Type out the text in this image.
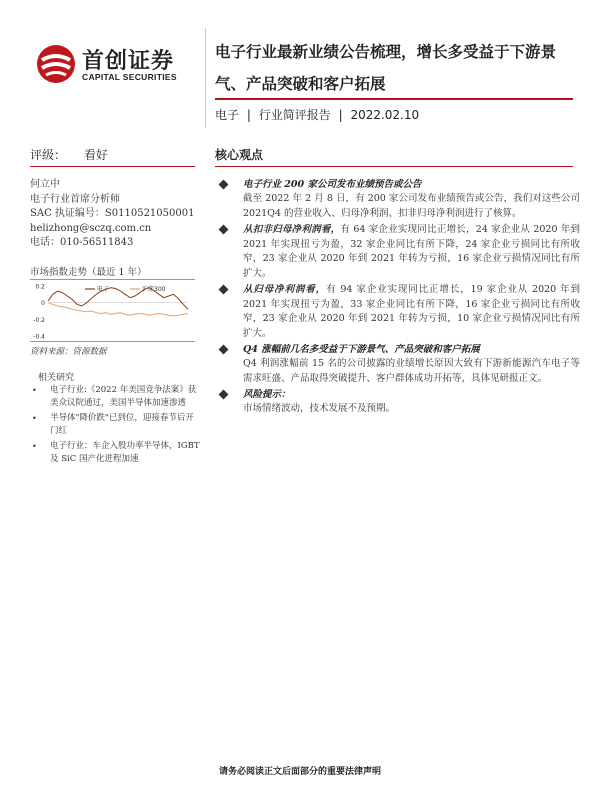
首创证券
CAPITAL SECURITIES
电子行业最新业绩公告梳理，增长多受益于下游景气、产品突破和客户拓展
电子 | 行业简评报告 | 2022.02.10
评级： 看好
何立中
电子行业首席分析师
SAC 执证编号：S0110521050001
helizhong@sczq.com.cn
电话：010-56511843
市场指数走势（最近 1 年）
0.2
0
-0.2
-0.4
电子	沪深300
资料来源：资源数据
相关研究
• 电子行业:《2022 年美国竞争法案》获美众议院通过，美国半导体加速渗透
• 半导体"降价跌"已到位，迎接春节后开门红
• 电子行业：车企入股功率半导体，IGBT 及 SiC 国产化进程加速
核心观点
电子行业 200 家公司发布业绩预告或公告
截至 2022 年 2 月 8 日，有 200 家公司发布业绩预告或公告，我们对这些公司 2021Q4 的营业收入、归母净利润、扣非归母净利润进行了核算。
从扣非归母净利润看，有 64 家企业实现同比正增长，24 家企业从 2020 年到 2021 年实现扭亏为盈，32 家企业同比有所下降，24 家企业亏损同比有所收窄，23 家企业从 2020 年到 2021 年转为亏损，16 家企业亏损情况同比有所扩大。
从归母净利润看，有 94 家企业实现同比正增长，19 家企业从 2020 年到 2021 年实现扭亏为盈，33 家企业同比有所下降，16 家企业亏损同比有所收窄，23 家企业从 2020 年到 2021 年转为亏损，10 家企业亏损情况同比有所扩大。
Q4 涨幅前几名多受益于下游景气、产品突破和客户拓展
Q4 利润涨幅前 15 名的公司披露的业绩增长原因大致有下游新能源汽车电子等需求旺盛、产品取得突破提升、客户群体成功开拓等，具体见研报正文。
风险提示：
市场情绪波动，技术发展不及预期。
请务必阅读正文后面部分的重要法律声明
